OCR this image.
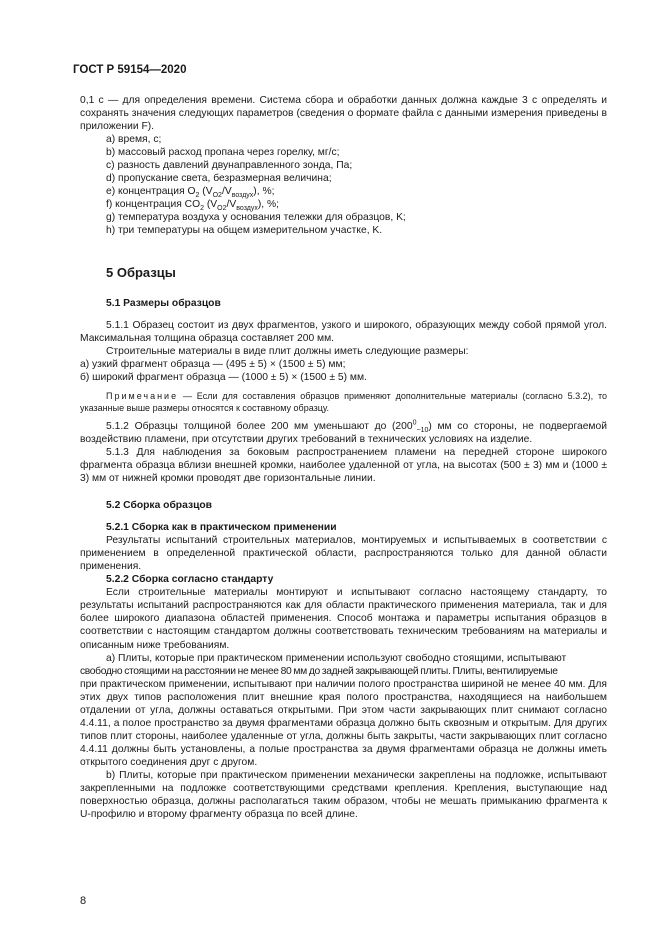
ГОСТ Р 59154—2020

0,1 с — для определения времени. Система сбора и обработки данных должна каждые 3 с определять и сохранять значения следующих параметров (сведения о формате файла с данными измерения приведены в приложении F).

а) время, с;

b) массовый расход пропана через горелку, мг/с;

c) разность давлений двунаправленного зонда, Па;

d) пропускание света, безразмерная величина;

e) концентрация $O_2$ $(V_{O2}/V_{воздух})$, %;

f) концентрация $CO_2$ $(V_{O2}/V_{воздух})$, %;

g) температура воздуха у основания тележки для образцов, K;

h) три температуры на общем измерительном участке, K.

5 Образцы
5.1 Размеры образцов

5.1.1 Образец состоит из двух фрагментов, узкого и широкого, образующих между собой прямой угол. Максимальная толщина образца составляет 200 мм.

Строительные материалы в виде плит должны иметь следующие размеры:

а) узкий фрагмент образца — (495 ± 5) × (1500 ± 5) мм;

б) широкий фрагмент образца — (1000 ± 5) × (1500 ± 5) мм.

Примечание — Если для составления образцов применяют дополнительные материалы (согласно 5.3.2), то указанные выше размеры относятся к составному образцу.

5.1.2 Образцы толщиной более 200 мм уменьшают до $(200^0_{-10})$ мм со стороны, не подвергаемой воздействию пламени, при отсутствии других требований в технических условиях на изделие.

5.1.3 Для наблюдения за боковым распространением пламени на передней стороне широкого фрагмента образца вблизи внешней кромки, наиболее удаленной от угла, на высотах (500 ± 3) мм и (1000 ± 3) мм от нижней кромки проводят две горизонтальные линии.

5.2 Сборка образцов
5.2.1 Сборка как в практическом применении

Результаты испытаний строительных материалов, монтируемых и испытываемых в соответствии с применением в определенной практической области, распространяются только для данной области применения.

5.2.2 Сборка согласно стандарту

Если строительные материалы монтируют и испытывают согласно настоящему стандарту, то результаты испытаний распространяются как для области практического применения материала, так и для более широкого диапазона областей применения. Способ монтажа и параметры испытания образцов в соответствии с настоящим стандартом должны соответствовать техническим требованиям на материалы и описанным ниже требованиям.

а) Плиты, которые при практическом применении используют свободно стоящими, испытывают

свободно стоящими на расстоянии не менее 80 мм до задней закрывающей плиты. Плиты, вентилируемые

при практическом применении, испытывают при наличии полого пространства шириной не менее 40 мм. Для этих двух типов расположения плит внешние края полого пространства, находящиеся на наибольшем отдалении от угла, должны оставаться открытыми. При этом части закрывающих плит снимают согласно 4.4.11, а полое пространство за двумя фрагментами образца должно быть сквозным и открытым. Для других типов плит стороны, наиболее удаленные от угла, должны быть закрыты, части закрывающих плит согласно 4.4.11 должны быть установлены, а полые пространства за двумя фрагментами образца не должны иметь открытого соединения друг с другом.

b) Плиты, которые при практическом применении механически закреплены на подложке, испытывают закрепленными на подложке соответствующими средствами крепления. Крепления, выступающие над поверхностью образца, должны располагаться таким образом, чтобы не мешать примыканию фрагмента к U-профилю и второму фрагменту образца по всей длине.

8
